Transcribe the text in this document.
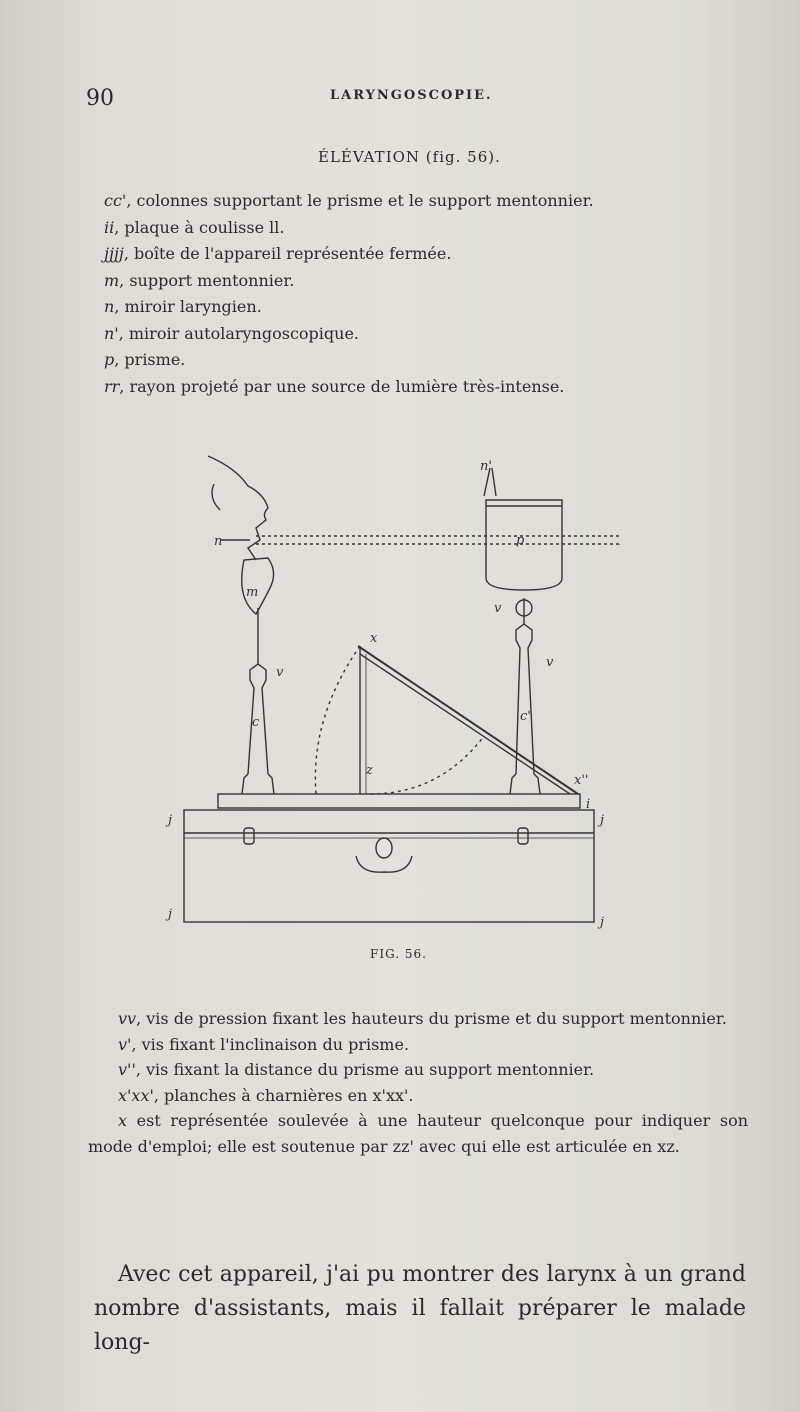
90	LARYNGOSCOPIE.
ÉLÉVATION (fig. 56).
cc', colonnes supportant le prisme et le support mentonnier.
ii, plaque à coulisse ll.
jjjj, boîte de l'appareil représentée fermée.
m, support mentonnier.
n, miroir laryngien.
n', miroir autolaryngoscopique.
p, prisme.
rr, rayon projeté par une source de lumière très-intense.
p
n
n'
m
c	c'
v
v
v
x
z
x''
j
j
j
j
i
FIG. 56.
vv, vis de pression fixant les hauteurs du prisme et du support mentonnier.
v', vis fixant l'inclinaison du prisme.
v'', vis fixant la distance du prisme au support mentonnier.
x'xx', planches à charnières en x'xx'.
x est représentée soulevée à une hauteur quelconque pour indiquer son mode d'emploi; elle est soutenue par zz' avec qui elle est articulée en xz.
Avec cet appareil, j'ai pu montrer des larynx à un grand nombre d'assistants, mais il fallait préparer le malade long-
